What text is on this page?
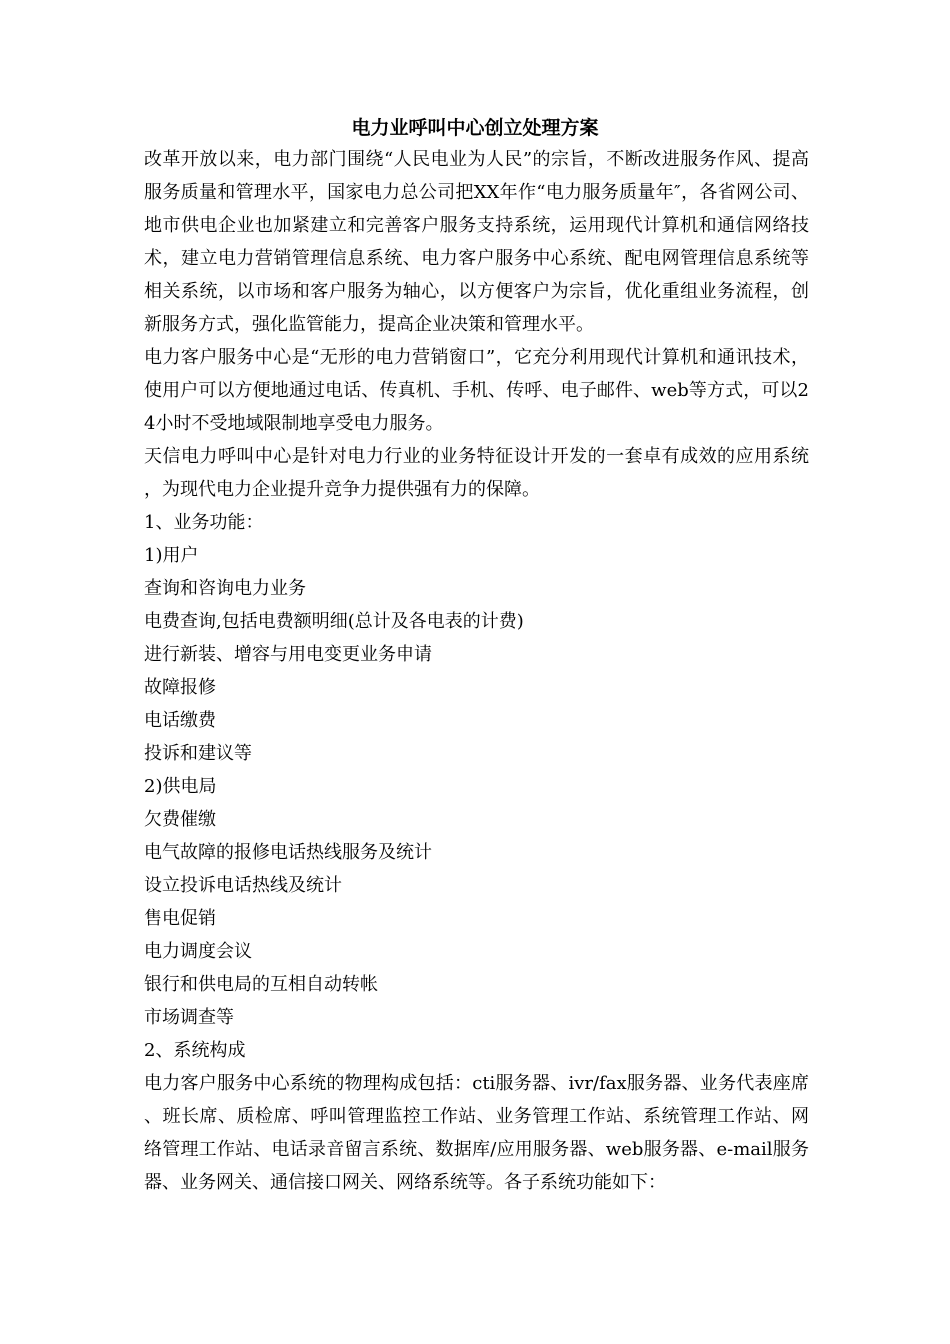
电力业呼叫中心创立处理方案

改革开放以来，电力部门围绕“人民电业为人民”的宗旨，不断改进服务作风、提高服务质量和管理水平，国家电力总公司把XX年作“电力服务质量年″，各省网公司、地市供电企业也加紧建立和完善客户服务支持系统，运用现代计算机和通信网络技术，建立电力营销管理信息系统、电力客户服务中心系统、配电网管理信息系统等相关系统，以市场和客户服务为轴心，以方便客户为宗旨，优化重组业务流程，创新服务方式，强化监管能力，提高企业决策和管理水平。

电力客户服务中心是“无形的电力营销窗口”，它充分利用现代计算机和通讯技术，使用户可以方便地通过电话、传真机、手机、传呼、电子邮件、web等方式，可以24小时不受地域限制地享受电力服务。

天信电力呼叫中心是针对电力行业的业务特征设计开发的一套卓有成效的应用系统，为现代电力企业提升竞争力提供强有力的保障。

1、业务功能：

1)用户

查询和咨询电力业务

电费查询,包括电费额明细(总计及各电表的计费)

进行新装、增容与用电变更业务申请

故障报修

电话缴费

投诉和建议等

2)供电局

欠费催缴

电气故障的报修电话热线服务及统计

设立投诉电话热线及统计

售电促销

电力调度会议

银行和供电局的互相自动转帐

市场调查等

2、系统构成

电力客户服务中心系统的物理构成包括：cti服务器、ivr/fax服务器、业务代表座席、班长席、质检席、呼叫管理监控工作站、业务管理工作站、系统管理工作站、网络管理工作站、电话录音留言系统、数据库/应用服务器、web服务器、e-mail服务器、业务网关、通信接口网关、网络系统等。各子系统功能如下：
